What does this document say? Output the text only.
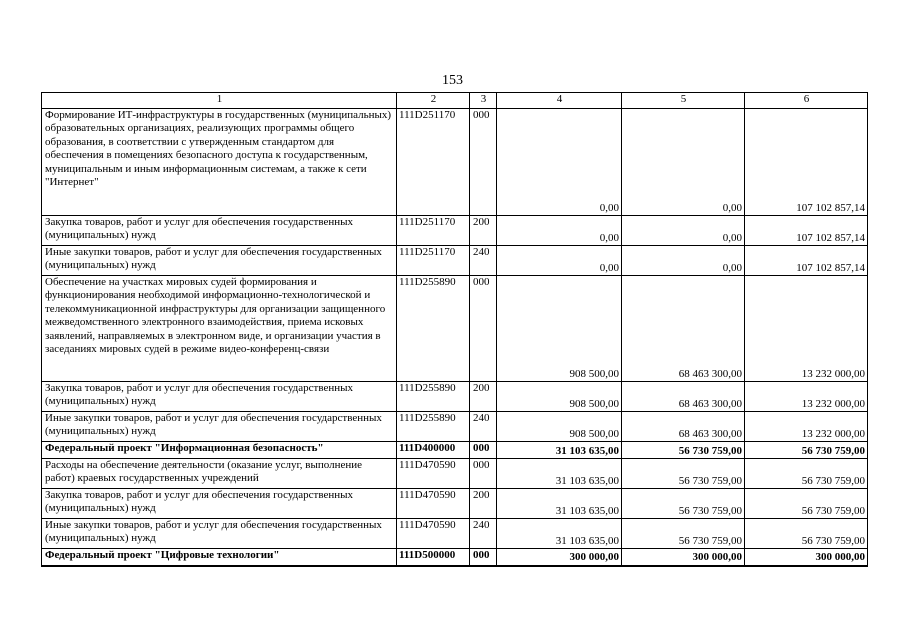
153
1	2	3	4	5	6
Формирование ИТ-инфраструктуры в государственных (муниципальных) образовательных организациях, реализующих программы общего образования, в соответствии с утвержденным стандартом для обеспечения в помещениях безопасного доступа к государственным, муниципальным и иным информационным системам, а также к сети "Интернет"	111D251170	000	0,00	0,00	107 102 857,14
Закупка товаров, работ и услуг для обеспечения государственных (муниципальных) нужд	111D251170	200	0,00	0,00	107 102 857,14
Иные закупки товаров, работ и услуг для обеспечения государственных (муниципальных) нужд	111D251170	240	0,00	0,00	107 102 857,14
Обеспечение на участках мировых судей формирования и функционирования необходимой информационно-технологической и телекоммуникационной инфраструктуры для организации защищенного межведомственного электронного взаимодействия, приема исковых заявлений, направляемых в электронном виде, и организации участия в заседаниях мировых судей в режиме видео-конференц-связи	111D255890	000	908 500,00	68 463 300,00	13 232 000,00
Закупка товаров, работ и услуг для обеспечения государственных (муниципальных) нужд	111D255890	200	908 500,00	68 463 300,00	13 232 000,00
Иные закупки товаров, работ и услуг для обеспечения государственных (муниципальных) нужд	111D255890	240	908 500,00	68 463 300,00	13 232 000,00
Федеральный проект "Информационная безопасность"	111D400000	000	31 103 635,00	56 730 759,00	56 730 759,00
Расходы на обеспечение деятельности (оказание услуг, выполнение работ) краевых государственных учреждений	111D470590	000	31 103 635,00	56 730 759,00	56 730 759,00
Закупка товаров, работ и услуг для обеспечения государственных (муниципальных) нужд	111D470590	200	31 103 635,00	56 730 759,00	56 730 759,00
Иные закупки товаров, работ и услуг для обеспечения государственных (муниципальных) нужд	111D470590	240	31 103 635,00	56 730 759,00	56 730 759,00
Федеральный проект "Цифровые технологии"	111D500000	000	300 000,00	300 000,00	300 000,00
